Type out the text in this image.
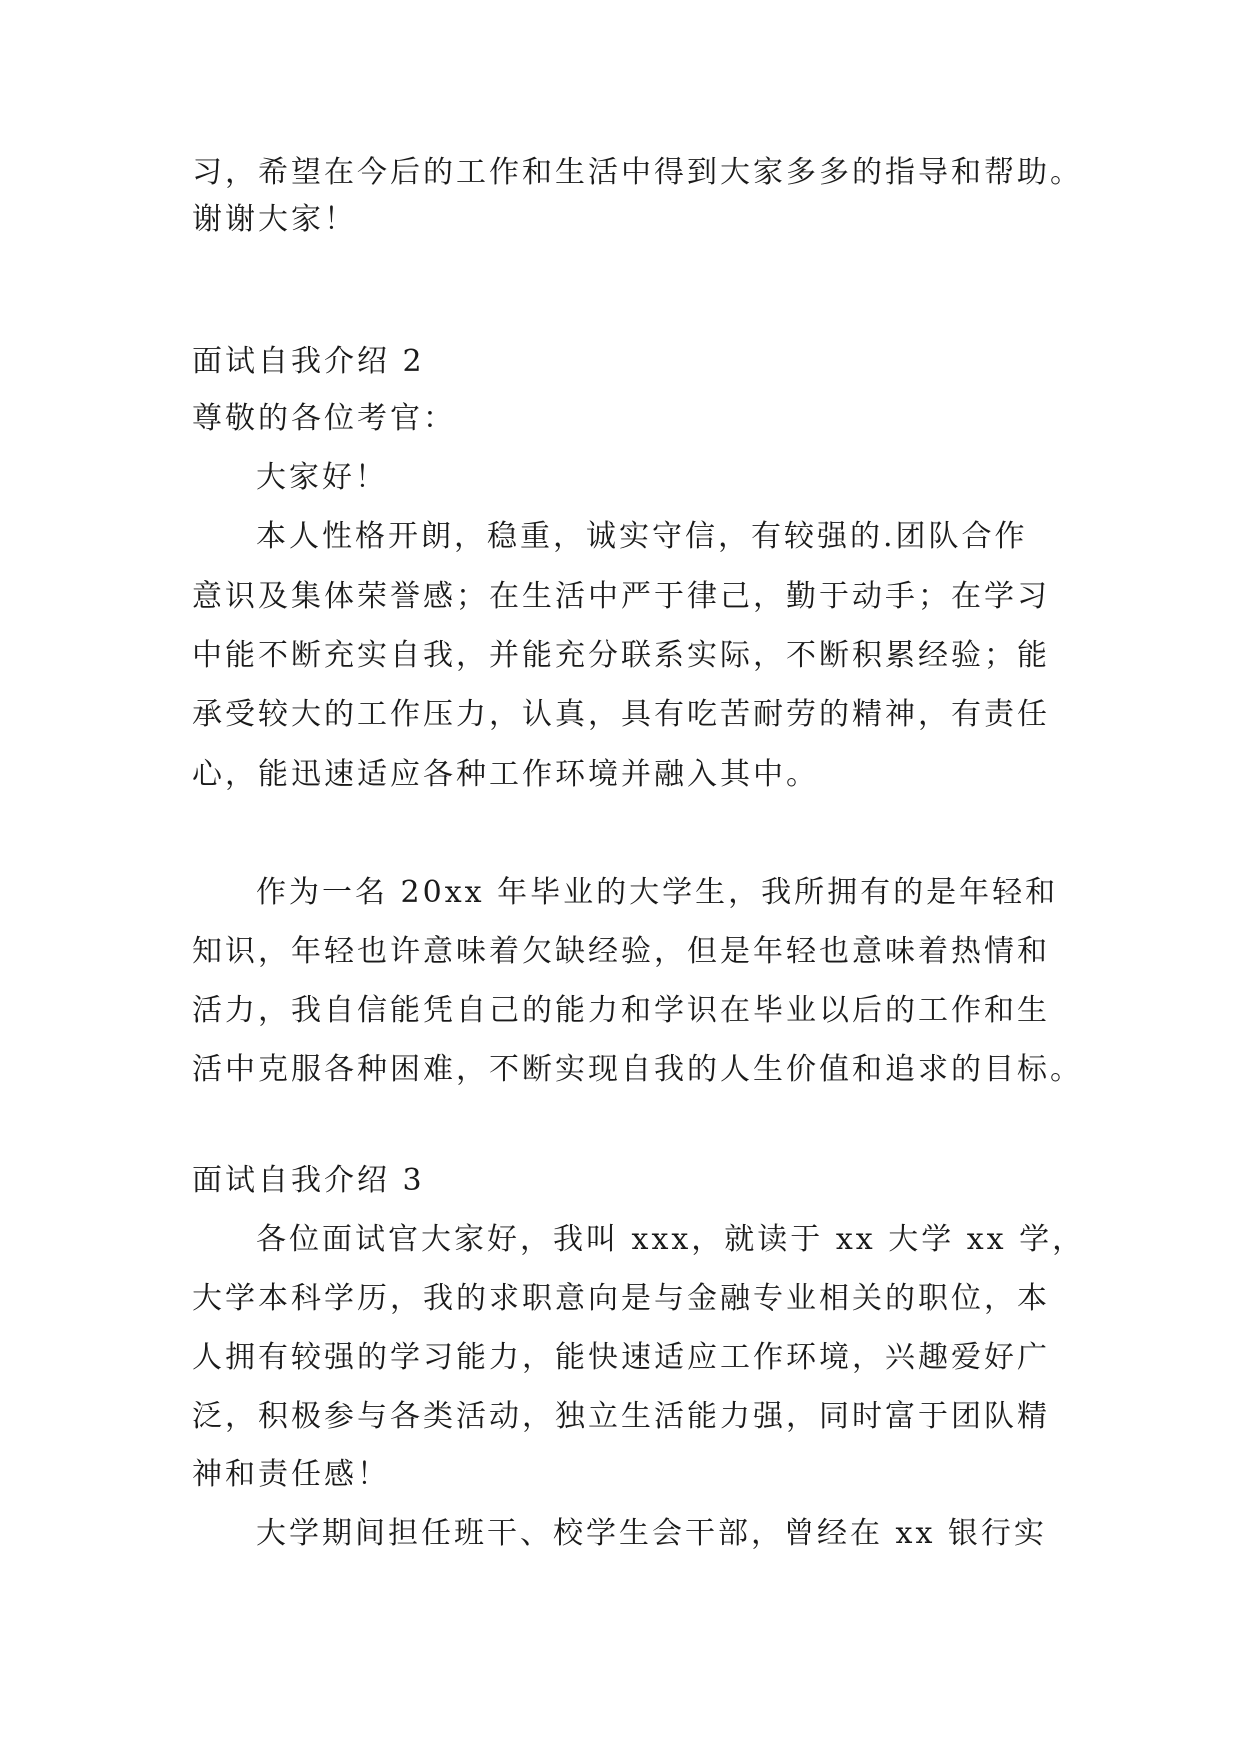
习，希望在今后的工作和生活中得到大家多多的指导和帮助。
谢谢大家！
面试自我介绍 2
尊敬的各位考官：
大家好！
本人性格开朗，稳重，诚实守信，有较强的.团队合作
意识及集体荣誉感；在生活中严于律己，勤于动手；在学习
中能不断充实自我，并能充分联系实际，不断积累经验；能
承受较大的工作压力，认真，具有吃苦耐劳的精神，有责任
心，能迅速适应各种工作环境并融入其中。
作为一名 20xx 年毕业的大学生，我所拥有的是年轻和
知识，年轻也许意味着欠缺经验，但是年轻也意味着热情和
活力，我自信能凭自己的能力和学识在毕业以后的工作和生
活中克服各种困难，不断实现自我的人生价值和追求的目标。
面试自我介绍 3
各位面试官大家好，我叫 xxx，就读于 xx 大学 xx 学，
大学本科学历，我的求职意向是与金融专业相关的职位，本
人拥有较强的学习能力，能快速适应工作环境，兴趣爱好广
泛，积极参与各类活动，独立生活能力强，同时富于团队精
神和责任感！
大学期间担任班干、校学生会干部，曾经在 xx 银行实
